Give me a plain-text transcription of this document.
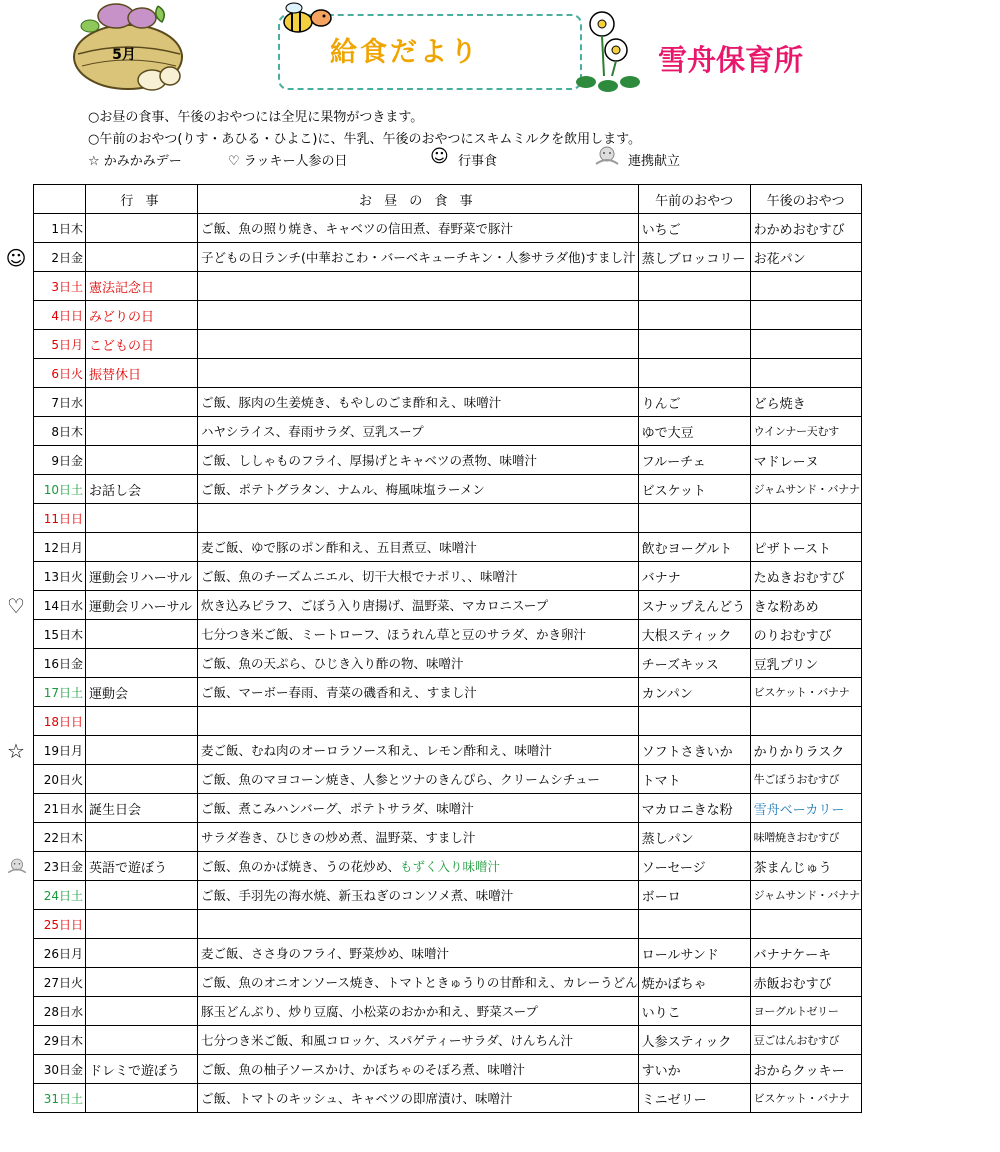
5月	給食だより	雪舟保育所
○お昼の食事、午後のおやつには全児に果物がつきます。
○午前のおやつ(りす・あひる・ひよこ)に、牛乳、午後のおやつにスキムミルクを飲用します。
☆ かみかみデー	♡ ラッキー人参の日	☺ 行事食	連携献立
☺
♡
☆
	行 事	お 昼 の 食 事	午前のおやつ	午後のおやつ
1日木		ご飯、魚の照り焼き、キャベツの信田煮、春野菜で豚汁	いちご	わかめおむすび
2日金		子どもの日ランチ(中華おこわ・バーベキューチキン・人参サラダ他)すまし汁	蒸しブロッコリー	お花パン
3日土	憲法記念日			
4日日	みどりの日			
5日月	こどもの日			
6日火	振替休日			
7日水		ご飯、豚肉の生姜焼き、もやしのごま酢和え、味噌汁	りんご	どら焼き
8日木		ハヤシライス、春雨サラダ、豆乳スープ	ゆで大豆	ウインナー天むす
9日金		ご飯、ししゃものフライ、厚揚げとキャベツの煮物、味噌汁	フルーチェ	マドレーヌ
10日土	お話し会	ご飯、ポテトグラタン、ナムル、梅風味塩ラーメン	ビスケット	ジャムサンド・バナナ
11日日				
12日月		麦ご飯、ゆで豚のポン酢和え、五目煮豆、味噌汁	飲むヨーグルト	ピザトースト
13日火	運動会リハーサル	ご飯、魚のチーズムニエル、切干大根でナポリ、、味噌汁	バナナ	たぬきおむすび
14日水	運動会リハーサル	炊き込みピラフ、ごぼう入り唐揚げ、温野菜、マカロニスープ	スナップえんどう	きな粉あめ
15日木		七分つき米ご飯、ミートローフ、ほうれん草と豆のサラダ、かき卵汁	大根スティック	のりおむすび
16日金		ご飯、魚の天ぷら、ひじき入り酢の物、味噌汁	チーズキッス	豆乳プリン
17日土	運動会	ご飯、マーボー春雨、青菜の磯香和え、すまし汁	カンパン	ビスケット・バナナ
18日日				
19日月		麦ご飯、むね肉のオーロラソース和え、レモン酢和え、味噌汁	ソフトさきいか	かりかりラスク
20日火		ご飯、魚のマヨコーン焼き、人参とツナのきんぴら、クリームシチュー	トマト	牛ごぼうおむすび
21日水	誕生日会	ご飯、煮こみハンバーグ、ポテトサラダ、味噌汁	マカロニきな粉	雪舟ベーカリー
22日木		サラダ巻き、ひじきの炒め煮、温野菜、すまし汁	蒸しパン	味噌焼きおむすび
23日金	英語で遊ぼう	ご飯、魚のかば焼き、うの花炒め、もずく入り味噌汁	ソーセージ	茶まんじゅう
24日土		ご飯、手羽先の海水焼、新玉ねぎのコンソメ煮、味噌汁	ボーロ	ジャムサンド・バナナ
25日日				
26日月		麦ご飯、ささ身のフライ、野菜炒め、味噌汁	ロールサンド	バナナケーキ
27日火		ご飯、魚のオニオンソース焼き、トマトときゅうりの甘酢和え、カレーうどん	焼かぼちゃ	赤飯おむすび
28日水		豚玉どんぶり、炒り豆腐、小松菜のおかか和え、野菜スープ	いりこ	ヨーグルトゼリー
29日木		七分つき米ご飯、和風コロッケ、スパゲティーサラダ、けんちん汁	人参スティック	豆ごはんおむすび
30日金	ドレミで遊ぼう	ご飯、魚の柚子ソースかけ、かぼちゃのそぼろ煮、味噌汁	すいか	おからクッキー
31日土		ご飯、トマトのキッシュ、キャベツの即席漬け、味噌汁	ミニゼリー	ビスケット・バナナ
